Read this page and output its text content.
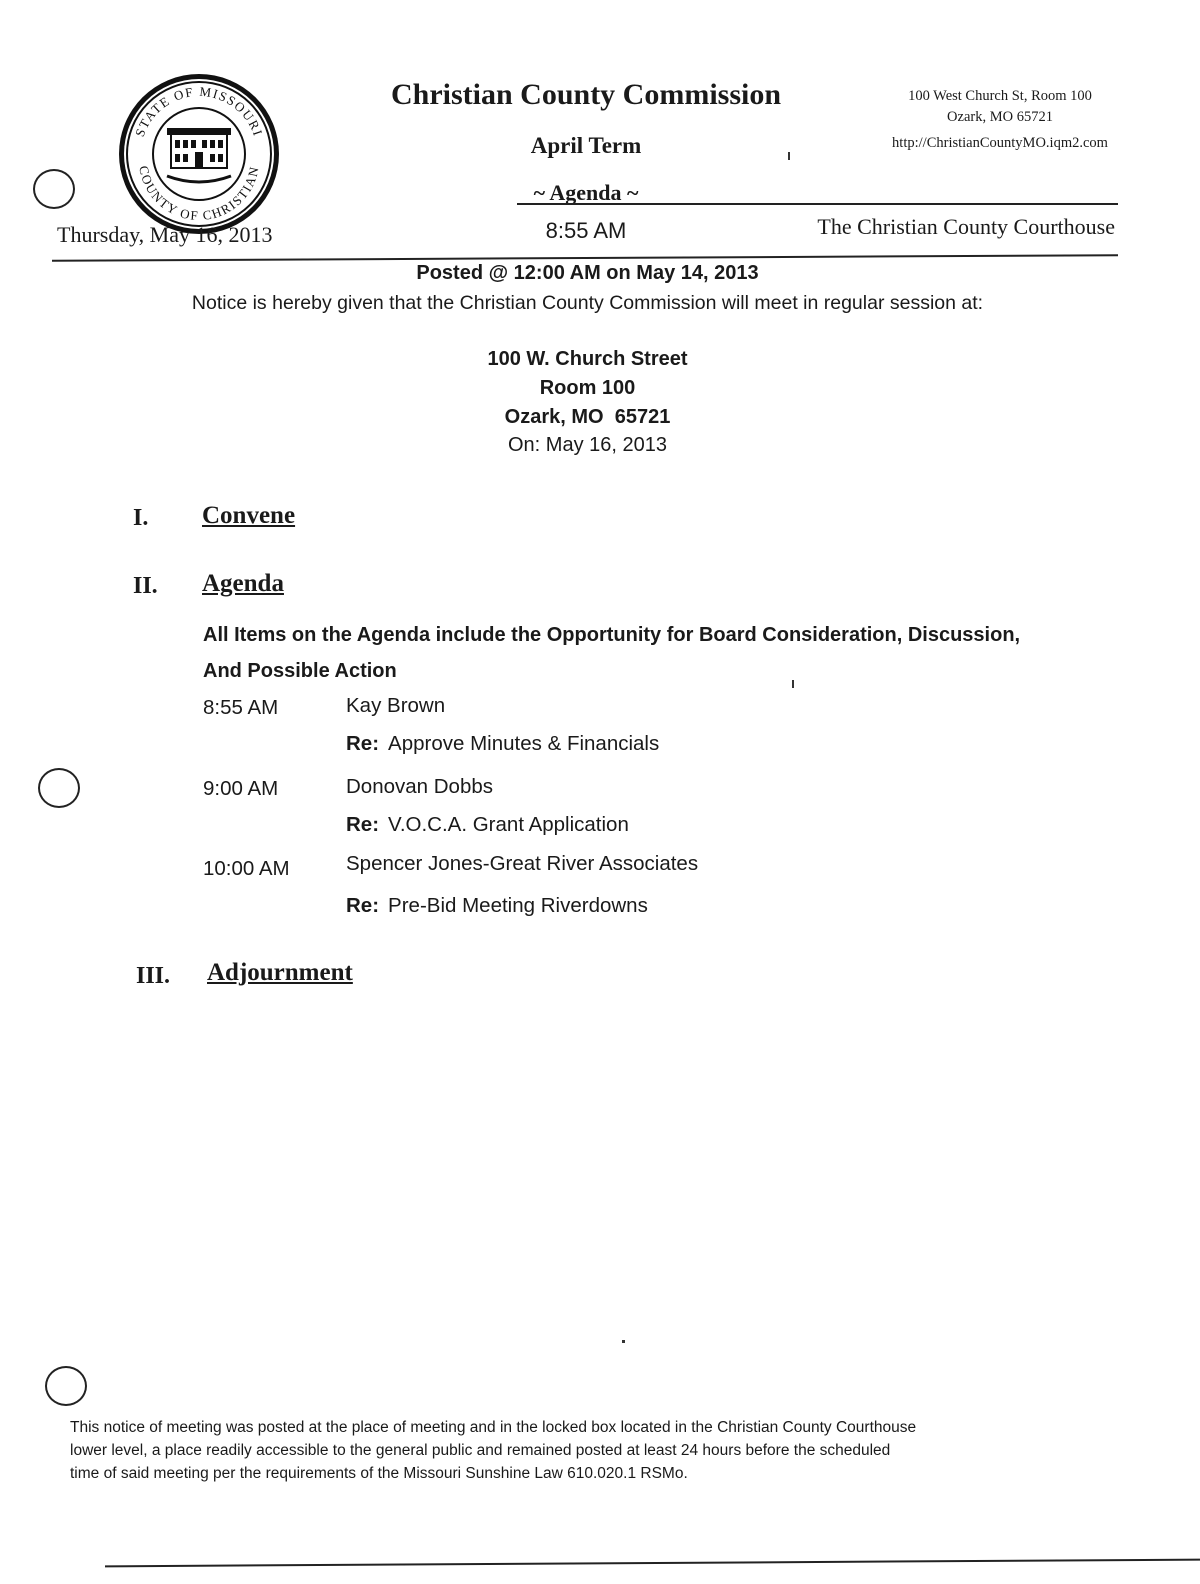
STATE OF MISSOURI
COUNTY OF CHRISTIAN
Christian County Commission
April Term
~ Agenda ~
100 West Church St, Room 100
Ozark, MO 65721
http://ChristianCountyMO.iqm2.com
Thursday, May 16, 2013	8:55 AM	The Christian County Courthouse
Posted @ 12:00 AM on May 14, 2013
Notice is hereby given that the Christian County Commission will meet in regular session at:
100 W. Church Street
Room 100
Ozark, MO  65721
On: May 16, 2013
I. Convene
II. Agenda
All Items on the Agenda include the Opportunity for Board Consideration, Discussion,
And Possible Action
8:55 AM	Kay Brown
Re: Approve Minutes & Financials
9:00 AM	Donovan Dobbs
Re: V.O.C.A. Grant Application
10:00 AM	Spencer Jones-Great River Associates
Re: Pre-Bid Meeting Riverdowns
III. Adjournment
This notice of meeting was posted at the place of meeting and in the locked box located in the Christian County Courthouse
lower level, a place readily accessible to the general public and remained posted at least 24 hours before the scheduled
time of said meeting per the requirements of the Missouri Sunshine Law 610.020.1 RSMo.
